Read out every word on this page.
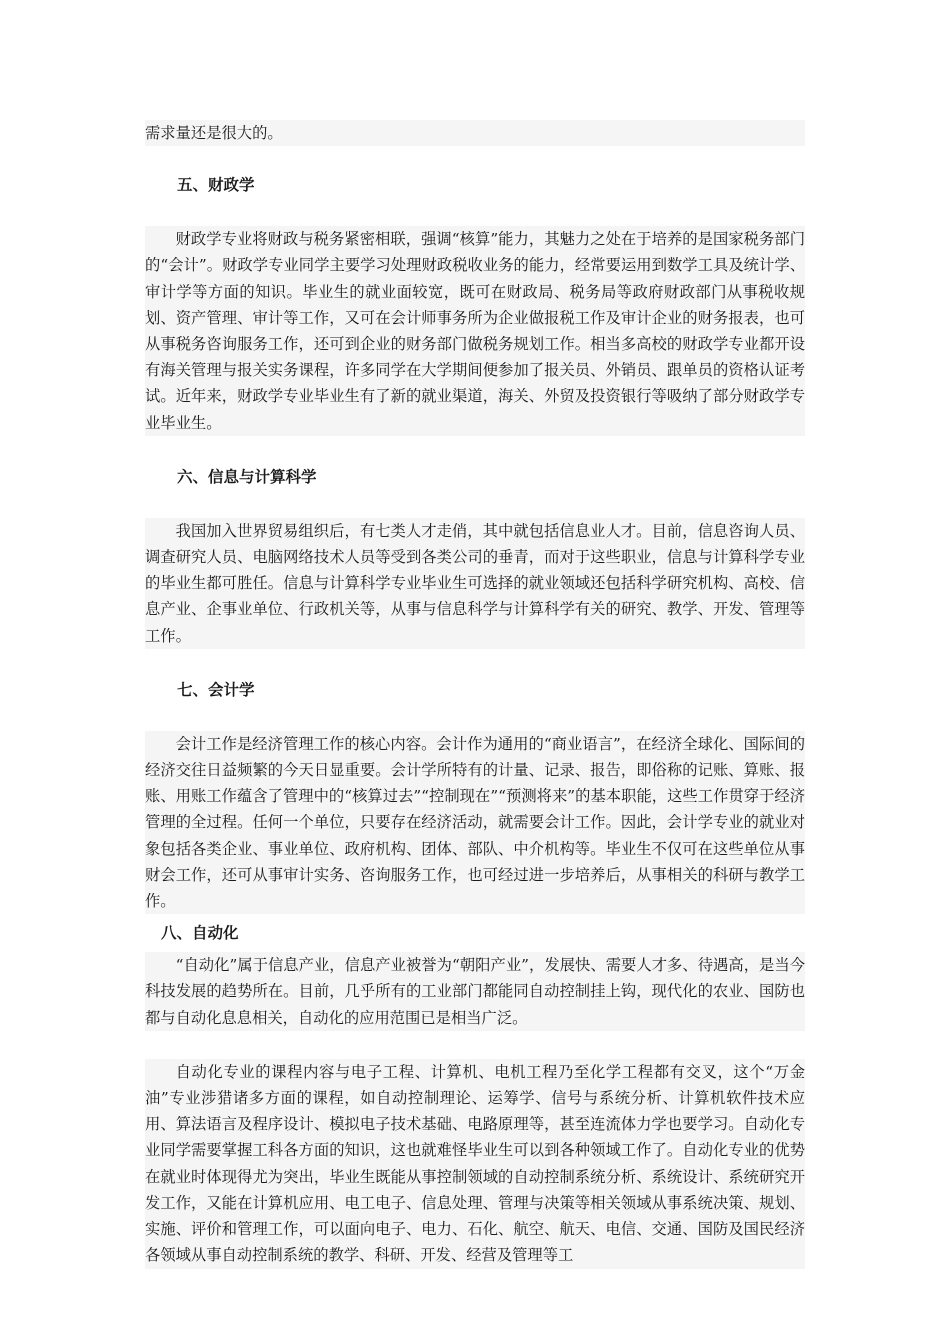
需求量还是很大的。

五、财政学

财政学专业将财政与税务紧密相联，强调“核算”能力，其魅力之处在于培养的是国家税务部门的“会计”。财政学专业同学主要学习处理财政税收业务的能力，经常要运用到数学工具及统计学、审计学等方面的知识。毕业生的就业面较宽，既可在财政局、税务局等政府财政部门从事税收规划、资产管理、审计等工作，又可在会计师事务所为企业做报税工作及审计企业的财务报表，也可从事税务咨询服务工作，还可到企业的财务部门做税务规划工作。相当多高校的财政学专业都开设有海关管理与报关实务课程，许多同学在大学期间便参加了报关员、外销员、跟单员的资格认证考试。近年来，财政学专业毕业生有了新的就业渠道，海关、外贸及投资银行等吸纳了部分财政学专业毕业生。

六、信息与计算科学

我国加入世界贸易组织后，有七类人才走俏，其中就包括信息业人才。目前，信息咨询人员、调查研究人员、电脑网络技术人员等受到各类公司的垂青，而对于这些职业，信息与计算科学专业的毕业生都可胜任。信息与计算科学专业毕业生可选择的就业领域还包括科学研究机构、高校、信息产业、企事业单位、行政机关等，从事与信息科学与计算科学有关的研究、教学、开发、管理等工作。

七、会计学

会计工作是经济管理工作的核心内容。会计作为通用的“商业语言”，在经济全球化、国际间的经济交往日益频繁的今天日显重要。会计学所特有的计量、记录、报告，即俗称的记账、算账、报账、用账工作蕴含了管理中的“核算过去”“控制现在”“预测将来”的基本职能，这些工作贯穿于经济管理的全过程。任何一个单位，只要存在经济活动，就需要会计工作。因此，会计学专业的就业对象包括各类企业、事业单位、政府机构、团体、部队、中介机构等。毕业生不仅可在这些单位从事财会工作，还可从事审计实务、咨询服务工作，也可经过进一步培养后，从事相关的科研与教学工作。

八、自动化

“自动化”属于信息产业，信息产业被誉为“朝阳产业”，发展快、需要人才多、待遇高，是当今科技发展的趋势所在。目前，几乎所有的工业部门都能同自动控制挂上钩，现代化的农业、国防也都与自动化息息相关，自动化的应用范围已是相当广泛。

自动化专业的课程内容与电子工程、计算机、电机工程乃至化学工程都有交叉，这个“万金油”专业涉猎诸多方面的课程，如自动控制理论、运筹学、信号与系统分析、计算机软件技术应用、算法语言及程序设计、模拟电子技术基础、电路原理等，甚至连流体力学也要学习。自动化专业同学需要掌握工科各方面的知识，这也就难怪毕业生可以到各种领域工作了。自动化专业的优势在就业时体现得尤为突出，毕业生既能从事控制领域的自动控制系统分析、系统设计、系统研究开发工作，又能在计算机应用、电工电子、信息处理、管理与决策等相关领域从事系统决策、规划、实施、评价和管理工作，可以面向电子、电力、石化、航空、航天、电信、交通、国防及国民经济各领域从事自动控制系统的教学、科研、开发、经营及管理等工
